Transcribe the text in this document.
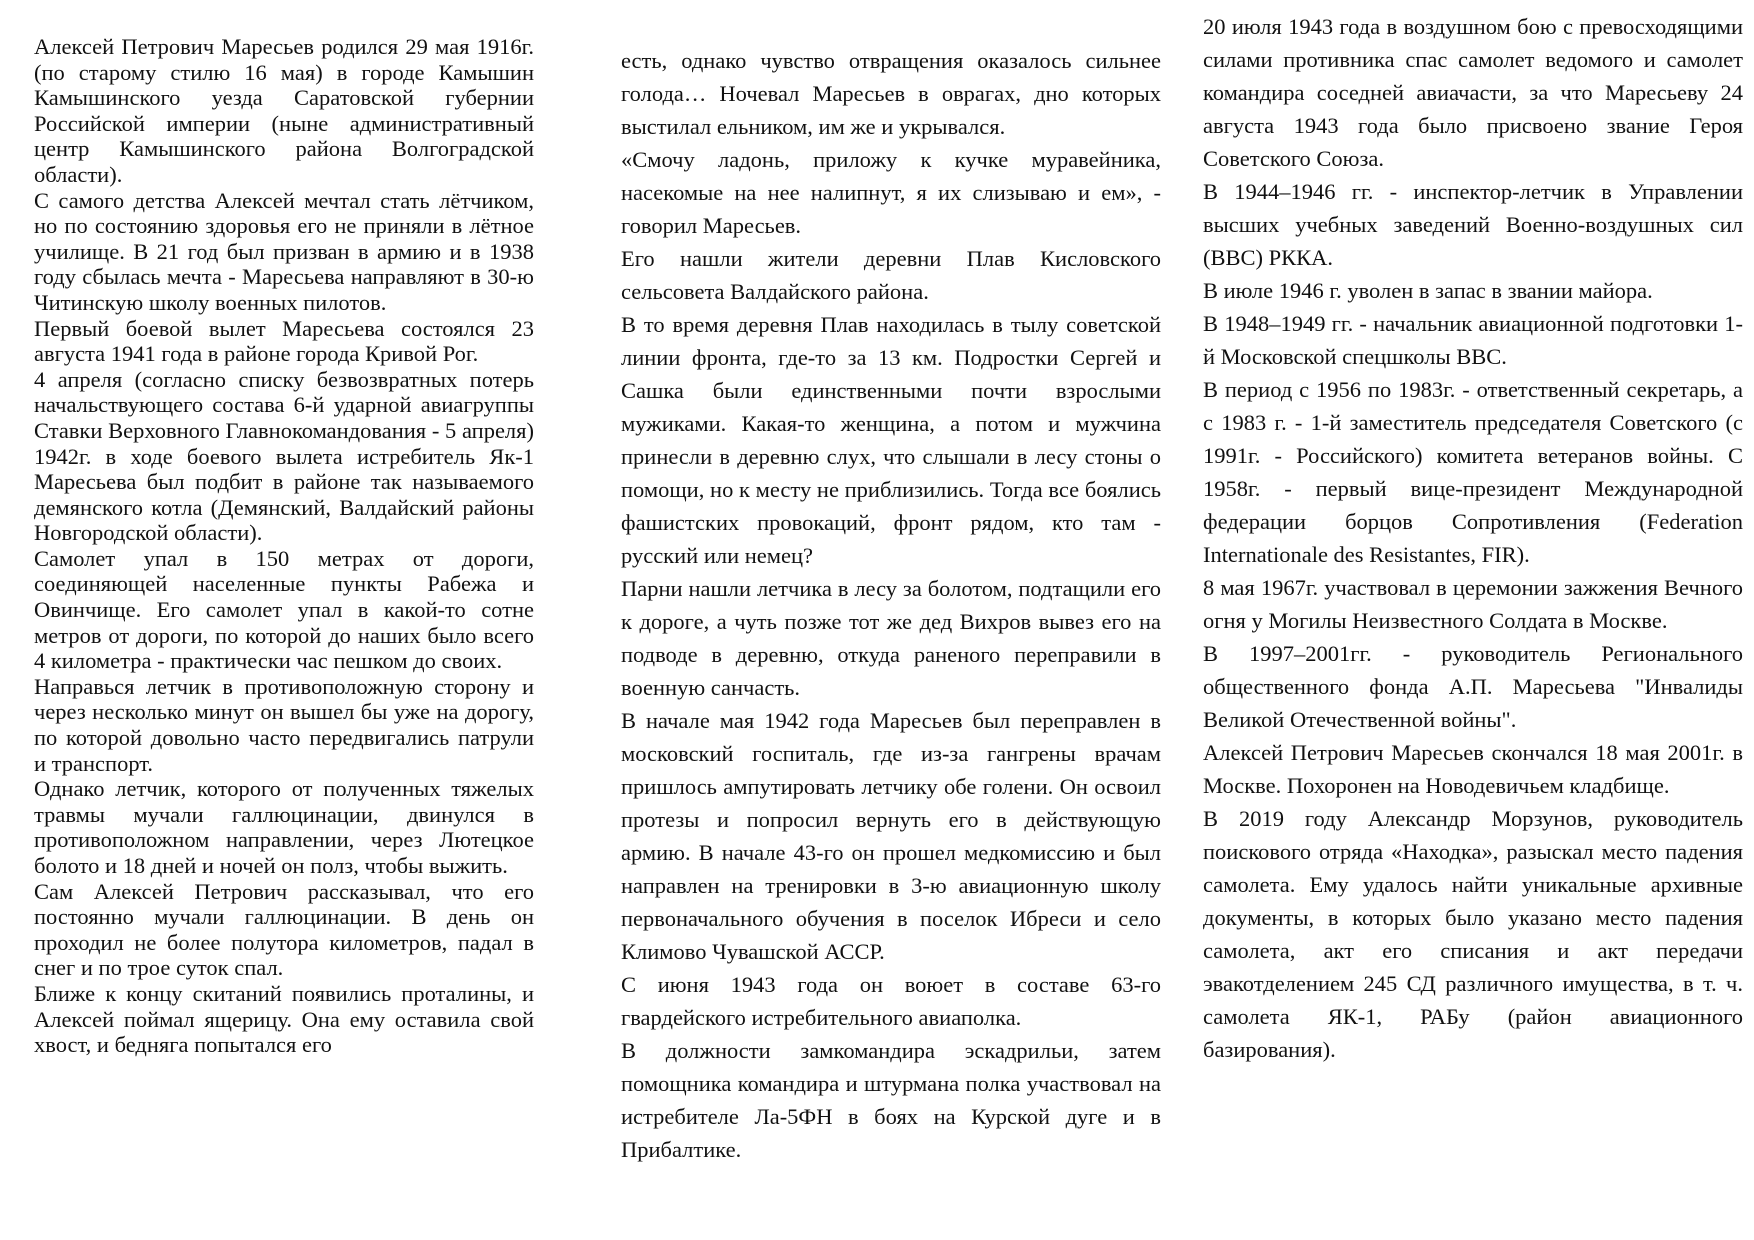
Алексей Петрович Маресьев родился 29 мая 1916г. (по старому стилю 16 мая) в городе Камышин Камышинского уезда Саратовской губернии Российской империи (ныне административный центр Камышинского района Волгоградской области).

С самого детства Алексей мечтал стать лётчиком, но по состоянию здоровья его не приняли в лётное училище. В 21 год был призван в армию и в 1938 году сбылась мечта - Маресьева направляют в 30-ю Читинскую школу военных пилотов.

Первый боевой вылет Маресьева состоялся 23 августа 1941 года в районе города Кривой Рог.

4 апреля (согласно списку безвозвратных потерь начальствующего состава 6-й ударной авиагруппы Ставки Верховного Главнокомандования - 5 апреля) 1942г. в ходе боевого вылета истребитель Як-1 Маресьева был подбит в районе так называемого демянского котла (Демянский, Валдайский районы Новгородской области).

Самолет упал в 150 метрах от дороги, соединяющей населенные пункты Рабежа и Овинчище. Его самолет упал в какой-то сотне метров от дороги, по которой до наших было всего 4 километра - практически час пешком до своих.

Направься летчик в противоположную сторону и через несколько минут он вышел бы уже на дорогу, по которой довольно часто передвигались патрули и транспорт.

Однако летчик, которого от полученных тяжелых травмы мучали галлюцинации, двинулся в противоположном направлении, через Лютецкое болото и 18 дней и ночей он полз, чтобы выжить.

Сам Алексей Петрович рассказывал, что его постоянно мучали галлюцинации. В день он проходил не более полутора километров, падал в снег и по трое суток спал.

Ближе к концу скитаний появились проталины, и Алексей поймал ящерицу. Она ему оставила свой хвост, и бедняга попытался его

есть, однако чувство отвращения оказалось сильнее голода… Ночевал Маресьев в оврагах, дно которых выстилал ельником, им же и укрывался.

«Смочу ладонь, приложу к кучке муравейника, насекомые на нее налипнут, я их слизываю и ем», - говорил Маресьев.

Его нашли жители деревни Плав Кисловского сельсовета Валдайского района.

В то время деревня Плав находилась в тылу советской линии фронта, где-то за 13 км. Подростки Сергей и Сашка были единственными почти взрослыми мужиками. Какая-то женщина, а потом и мужчина принесли в деревню слух, что слышали в лесу стоны о помощи, но к месту не приблизились. Тогда все боялись фашистских провокаций, фронт рядом, кто там - русский или немец?

Парни нашли летчика в лесу за болотом, подтащили его к дороге, а чуть позже тот же дед Вихров вывез его на подводе в деревню, откуда раненого переправили в военную санчасть.

В начале мая 1942 года Маресьев был переправлен в московский госпиталь, где из-за гангрены врачам пришлось ампутировать летчику обе голени. Он освоил протезы и попросил вернуть его в действующую армию. В начале 43-го он прошел медкомиссию и был направлен на тренировки в 3-ю авиационную школу первоначального обучения в поселок Ибреси и село Климово Чувашской АССР.

С июня 1943 года он воюет в составе 63-го гвардейского истребительного авиаполка.

В должности замкомандира эскадрильи, затем помощника командира и штурмана полка участвовал на истребителе Ла-5ФН в боях на Курской дуге и в Прибалтике.

20 июля 1943 года в воздушном бою с превосходящими силами противника спас самолет ведомого и самолет командира соседней авиачасти, за что Маресьеву 24 августа 1943 года было присвоено звание Героя Советского Союза.

В 1944–1946 гг. - инспектор-летчик в Управлении высших учебных заведений Военно-воздушных сил (ВВС) РККА.

В июле 1946 г. уволен в запас в звании майора.

В 1948–1949 гг. - начальник авиационной подготовки 1-й Московской спецшколы ВВС.

В период с 1956 по 1983г. - ответственный секретарь, а с 1983 г. - 1-й заместитель председателя Советского (с 1991г. - Российского) комитета ветеранов войны. С 1958г. - первый вице-президент Международной федерации борцов Сопротивления (Federation Internationale des Resistantes, FIR).

8 мая 1967г. участвовал в церемонии зажжения Вечного огня у Могилы Неизвестного Солдата в Москве.

В 1997–2001гг. - руководитель Регионального общественного фонда А.П. Маресьева "Инвалиды Великой Отечественной войны".

Алексей Петрович Маресьев скончался 18 мая 2001г. в Москве. Похоронен на Новодевичьем кладбище.

В 2019 году Александр Морзунов, руководитель поискового отряда «Находка», разыскал место падения самолета. Ему удалось найти уникальные архивные документы, в которых было указано место падения самолета, акт его списания и акт передачи эвакотделением 245 СД различного имущества, в т. ч. самолета ЯК-1, РАБу (район авиационного базирования).
